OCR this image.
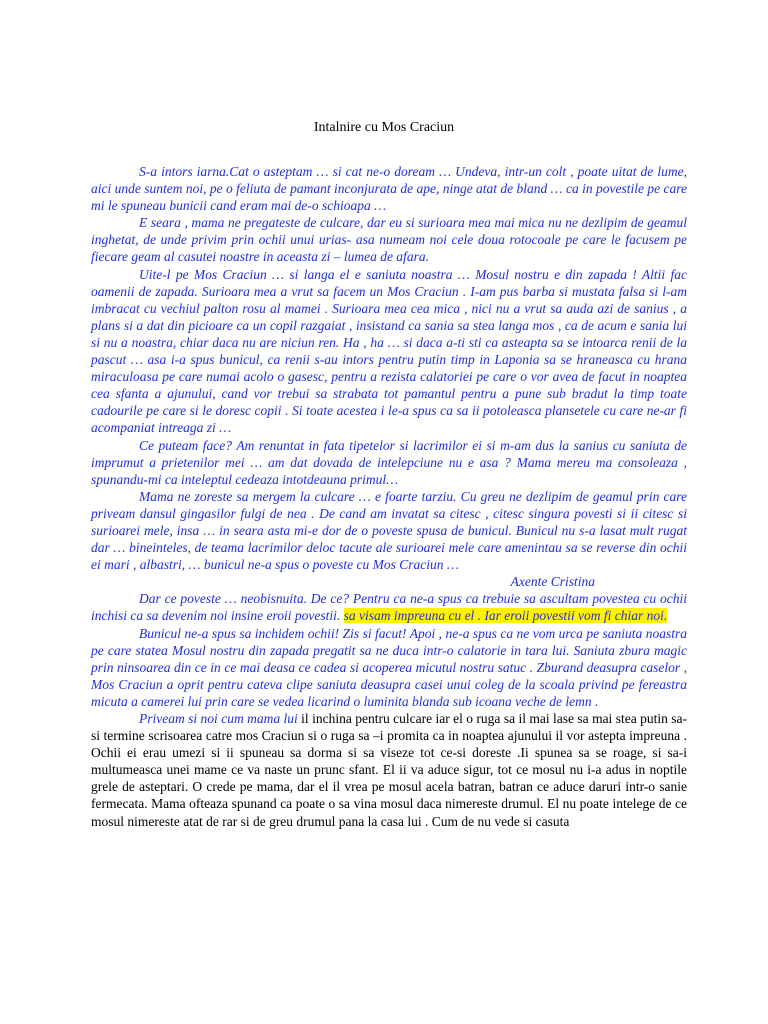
Intalnire cu Mos Craciun

S-a intors iarna.Cat o asteptam … si cat ne-o doream … Undeva, intr-un colt , poate uitat de lume, aici unde suntem noi, pe o feliuta de pamant inconjurata de ape, ninge atat de bland … ca in povestile pe care mi le spuneau bunicii cand eram mai de-o schioapa …

E seara , mama ne pregateste de culcare, dar eu si surioara mea mai mica nu ne dezlipim de geamul inghetat, de unde privim prin ochii unui urias- asa numeam noi cele doua rotocoale pe care le facusem pe fiecare geam al casutei noastre in aceasta zi – lumea de afara.

Uite-l pe Mos Craciun … si langa el e saniuta noastra … Mosul nostru e din zapada ! Altii fac oamenii de zapada. Surioara mea a vrut sa facem un Mos Craciun . I-am pus barba si mustata falsa si l-am imbracat cu vechiul palton rosu al mamei . Surioara mea cea mica , nici nu a vrut sa auda azi de sanius , a plans si a dat din picioare ca un copil razgaiat , insistand ca sania sa stea langa mos , ca de acum e sania lui si nu a noastra, chiar daca nu are niciun ren. Ha , ha … si daca a-ti sti ca asteapta sa se intoarca renii de la pascut … asa i-a spus bunicul, ca renii s-au intors pentru putin timp in Laponia sa se hraneasca cu hrana miraculoasa pe care numai acolo o gasesc, pentru a rezista calatoriei pe care o vor avea de facut in noaptea cea sfanta a ajunului, cand vor trebui sa strabata tot pamantul pentru a pune sub bradut la timp toate cadourile pe care si le doresc copii . Si toate acestea i le-a spus ca sa ii potoleasca plansetele cu care ne-ar fi acompaniat intreaga zi …

Ce puteam face? Am renuntat in fata tipetelor si lacrimilor ei si m-am dus la sanius cu saniuta de imprumut a prietenilor mei … am dat dovada de intelepciune nu e asa ? Mama mereu ma consoleaza , spunandu-mi ca inteleptul cedeaza intotdeauna primul…

Mama ne zoreste sa mergem la culcare … e foarte tarziu. Cu greu ne dezlipim de geamul prin care priveam dansul gingasilor fulgi de nea . De cand am invatat sa citesc , citesc singura povesti si ii citesc si surioarei mele, insa … in seara asta mi-e dor de o poveste spusa de bunicul. Bunicul nu s-a lasat mult rugat dar … bineinteles, de teama lacrimilor deloc tacute ale surioarei mele care amenintau sa se reverse din ochii ei mari , albastri, … bunicul ne-a spus o poveste cu Mos Craciun …

Axente Cristina

Dar ce poveste … neobisnuita. De ce? Pentru ca ne-a spus ca trebuie sa ascultam povestea cu ochii inchisi ca sa devenim noi insine eroii povestii. sa visam impreuna cu el . Iar eroii povestii vom fi chiar noi.

Bunicul ne-a spus sa inchidem ochii! Zis si facut! Apoi , ne-a spus ca ne vom urca pe saniuta noastra pe care statea Mosul nostru din zapada pregatit sa ne duca intr-o calatorie in tara lui. Saniuta zbura magic prin ninsoarea din ce in ce mai deasa ce cadea si acoperea micutul nostru satuc . Zburand deasupra caselor , Mos Craciun a oprit pentru cateva clipe saniuta deasupra casei unui coleg de la scoala privind pe fereastra micuta a camerei lui prin care se vedea licarind o luminita blanda sub icoana veche de lemn .

Priveam si noi cum mama lui il inchina pentru culcare iar el o ruga sa il mai lase sa mai stea putin sa-si termine scrisoarea catre mos Craciun si o ruga sa –i promita ca in noaptea ajunului il vor astepta impreuna . Ochii ei erau umezi si ii spuneau sa dorma si sa viseze tot ce-si doreste .Ii spunea sa se roage, si sa-i multumeasca unei mame ce va naste un prunc sfant. El ii va aduce sigur, tot ce mosul nu i-a adus in noptile grele de asteptari. O crede pe mama, dar el il vrea pe mosul acela batran, batran ce aduce daruri intr-o sanie fermecata. Mama ofteaza spunand ca poate o sa vina mosul daca nimereste drumul. El nu poate intelege de ce mosul nimereste atat de rar si de greu drumul pana la casa lui . Cum de nu vede si casuta
